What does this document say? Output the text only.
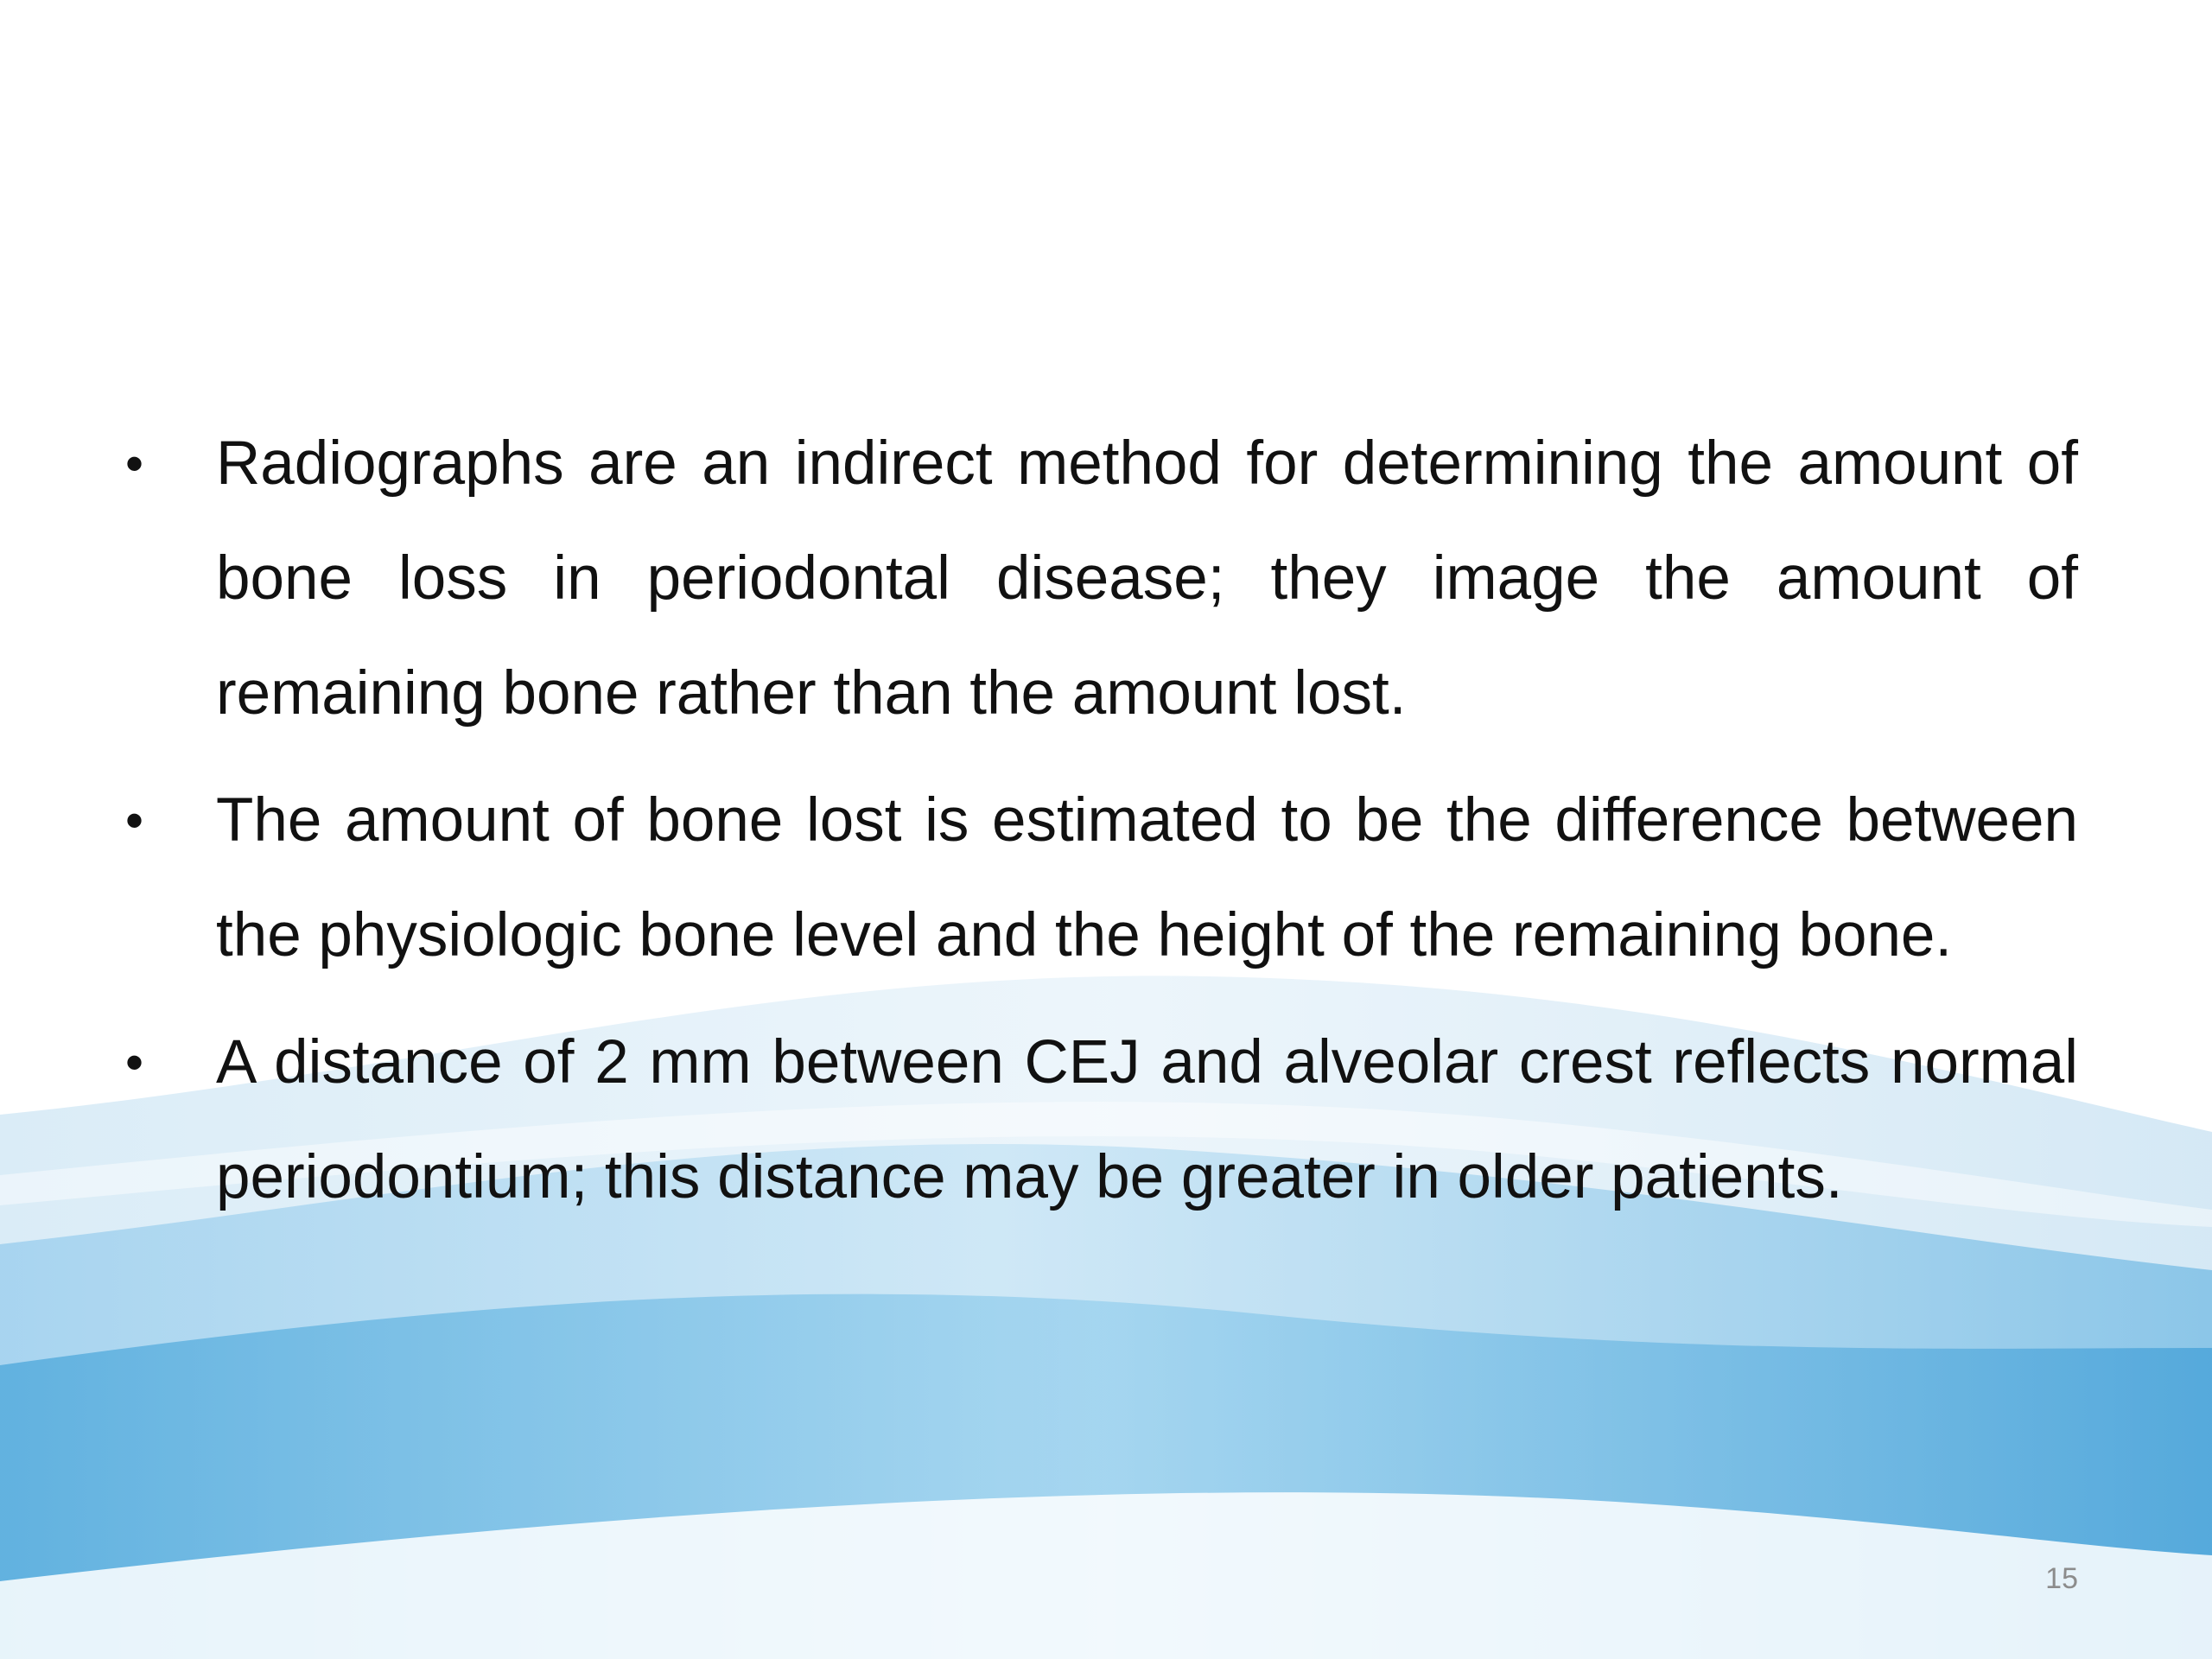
• Radiographs are an indirect method for determining the amount of bone loss in periodontal disease; they image the amount of remaining bone rather than the amount lost.
• The amount of bone lost is estimated to be the difference between the physiologic bone level and the height of the remaining bone.
• A distance of 2 mm between CEJ and alveolar crest reflects normal periodontium; this distance may be greater in older patients.
15
